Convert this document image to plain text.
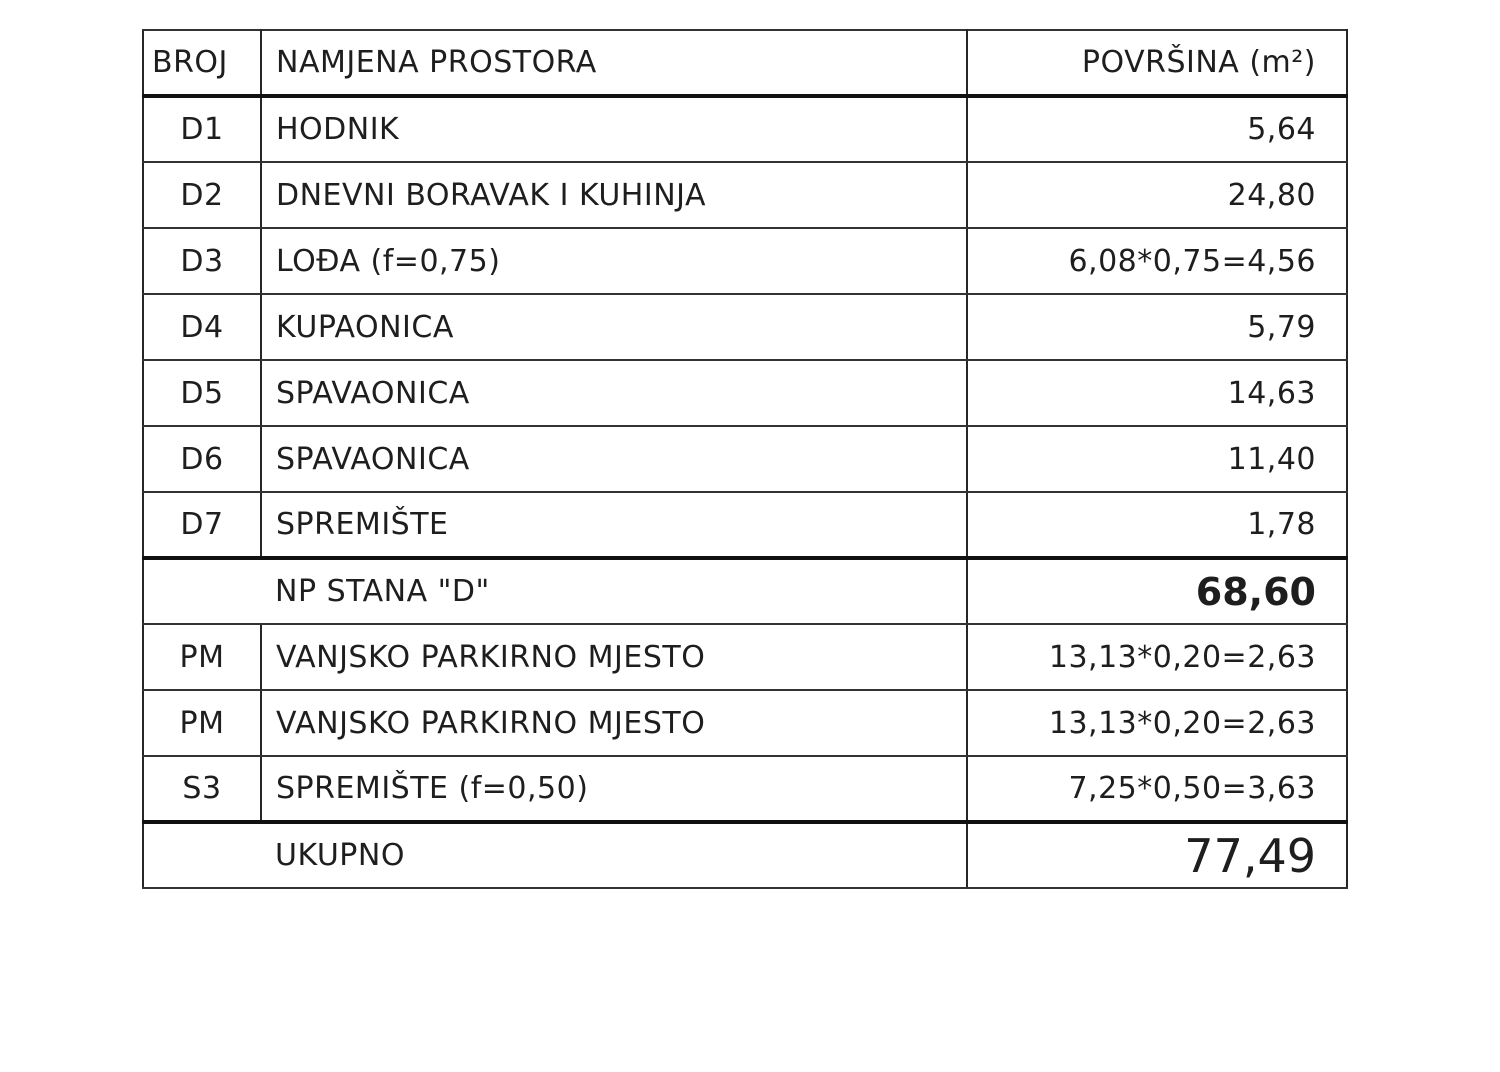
BROJ	NAMJENA PROSTORA	POVRŠINA (m²)
D1	HODNIK	5,64
D2	DNEVNI BORAVAK I KUHINJA	24,80
D3	LOĐA (f=0,75)	6,08*0,75=4,56
D4	KUPAONICA	5,79
D5	SPAVAONICA	14,63
D6	SPAVAONICA	11,40
D7	SPREMIŠTE	1,78
	NP STANA "D"	68,60
PM	VANJSKO PARKIRNO MJESTO	13,13*0,20=2,63
PM	VANJSKO PARKIRNO MJESTO	13,13*0,20=2,63
S3	SPREMIŠTE (f=0,50)	7,25*0,50=3,63
	UKUPNO	77,49
